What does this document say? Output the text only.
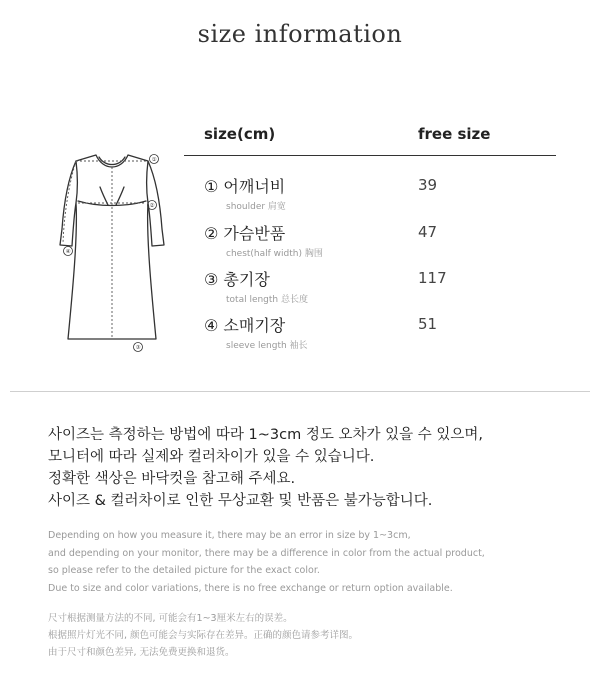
size information
①
②
③
④
size(cm)	free size
① 어깨너비
shoulder 肩宽
39
② 가슴반품
chest(half width) 胸围
47
③ 총기장
total length 总长度
117
④ 소매기장
sleeve length 袖长
51
사이즈는 측정하는 방법에 따라 1~3cm 정도 오차가 있을 수 있으며,
모니터에 따라 실제와 컬러차이가 있을 수 있습니다.
정확한 색상은 바닥컷을 참고해 주세요.
사이즈 & 컬러차이로 인한 무상교환 및 반품은 불가능합니다.
Depending on how you measure it, there may be an error in size by 1~3cm,
and depending on your monitor, there may be a difference in color from the actual product,
so please refer to the detailed picture for the exact color.
Due to size and color variations, there is no free exchange or return option available.
尺寸根据测量方法的不同, 可能会有1~3厘米左右的误差。
根据照片灯光不同, 颜色可能会与实际存在差异。正确的颜色请参考详图。
由于尺寸和颜色差异, 无法免费更换和退货。
